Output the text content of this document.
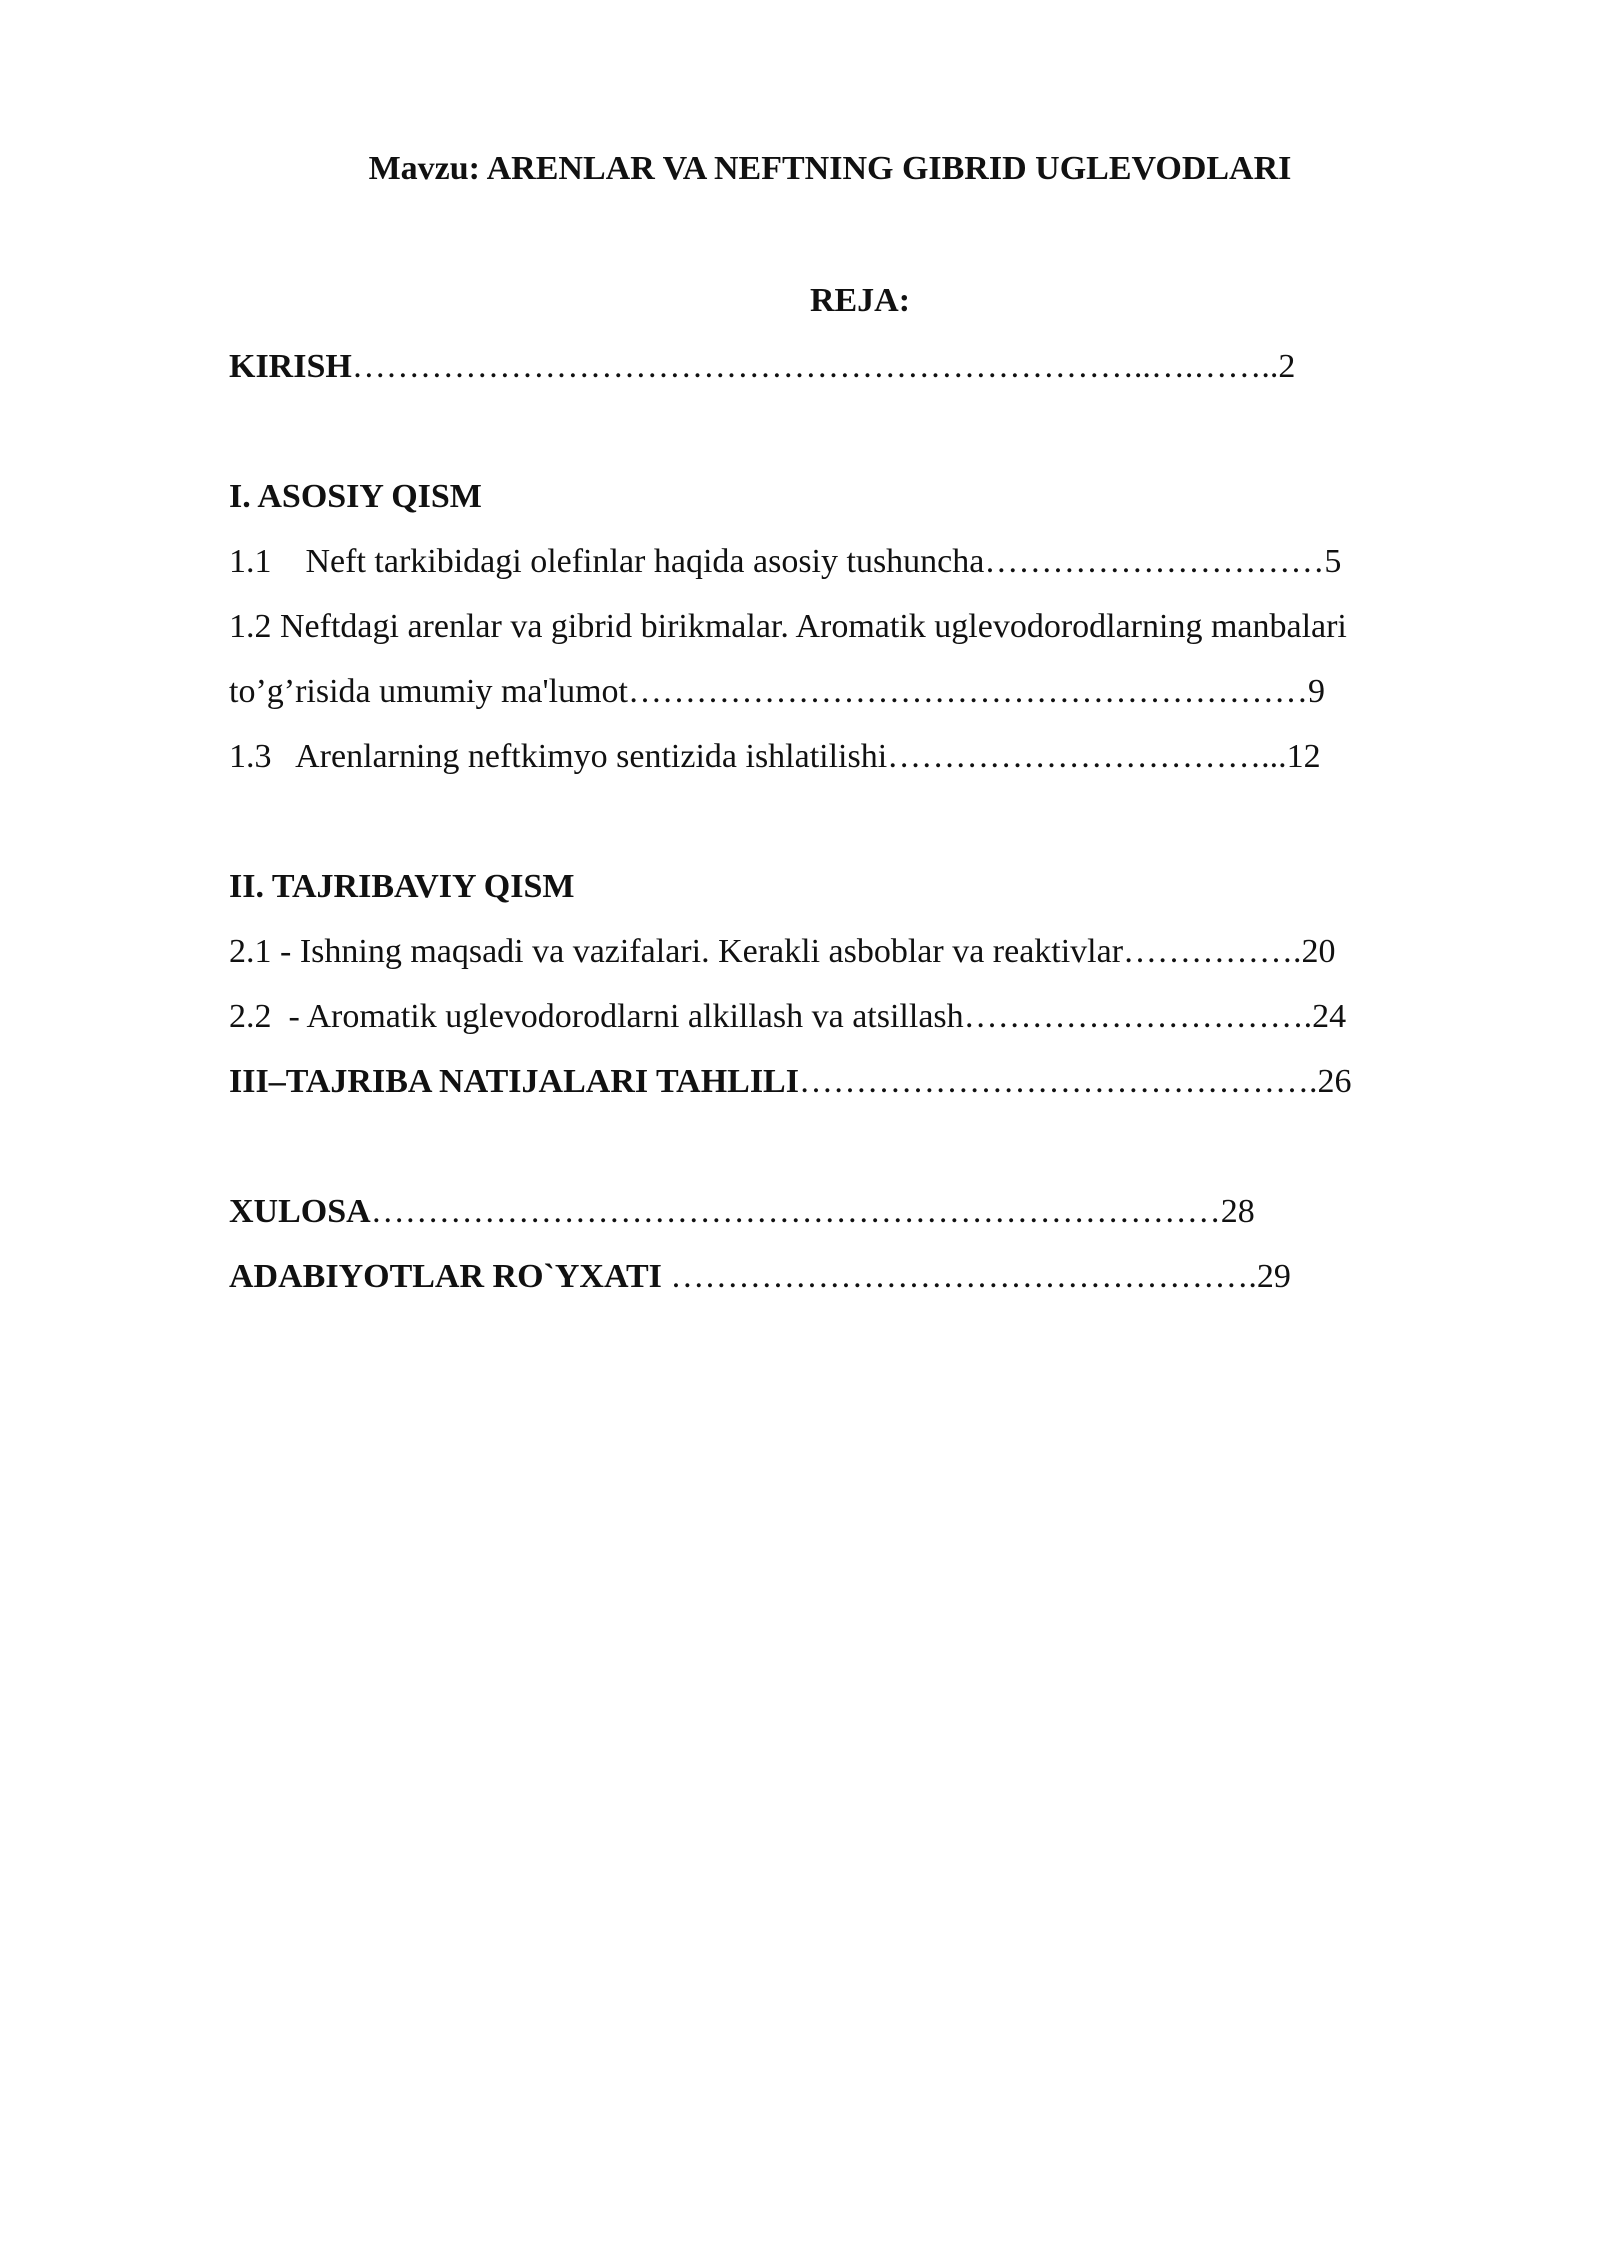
Mavzu: ARENLAR VA NEFTNING GIBRID UGLEVODLARI
REJA:
KIRISH……………………………………………………………..….……..2
I. ASOSIY QISM
1.1    Neft tarkibidagi olefinlar haqida asosiy tushuncha…………………………5
1.2 Neftdagi arenlar va gibrid birikmalar. Aromatik uglevodorodlarning manbalari
to’g’risida umumiy ma'lumot……………………………………………………9
1.3   Arenlarning neftkimyo sentizida ishlatilishi……………………………...12
II. TAJRIBAVIY QISM
2.1 - Ishning maqsadi va vazifalari. Kerakli asboblar va reaktivlar…………….20
2.2  - Aromatik uglevodorodlarni alkillash va atsillash………………………….24
III–TAJRIBA NATIJALARI TAHLILI……………………………………….26
XULOSA…………………………………………………………………28
ADABIYOTLAR RO`YXATI …………………………………………….29
